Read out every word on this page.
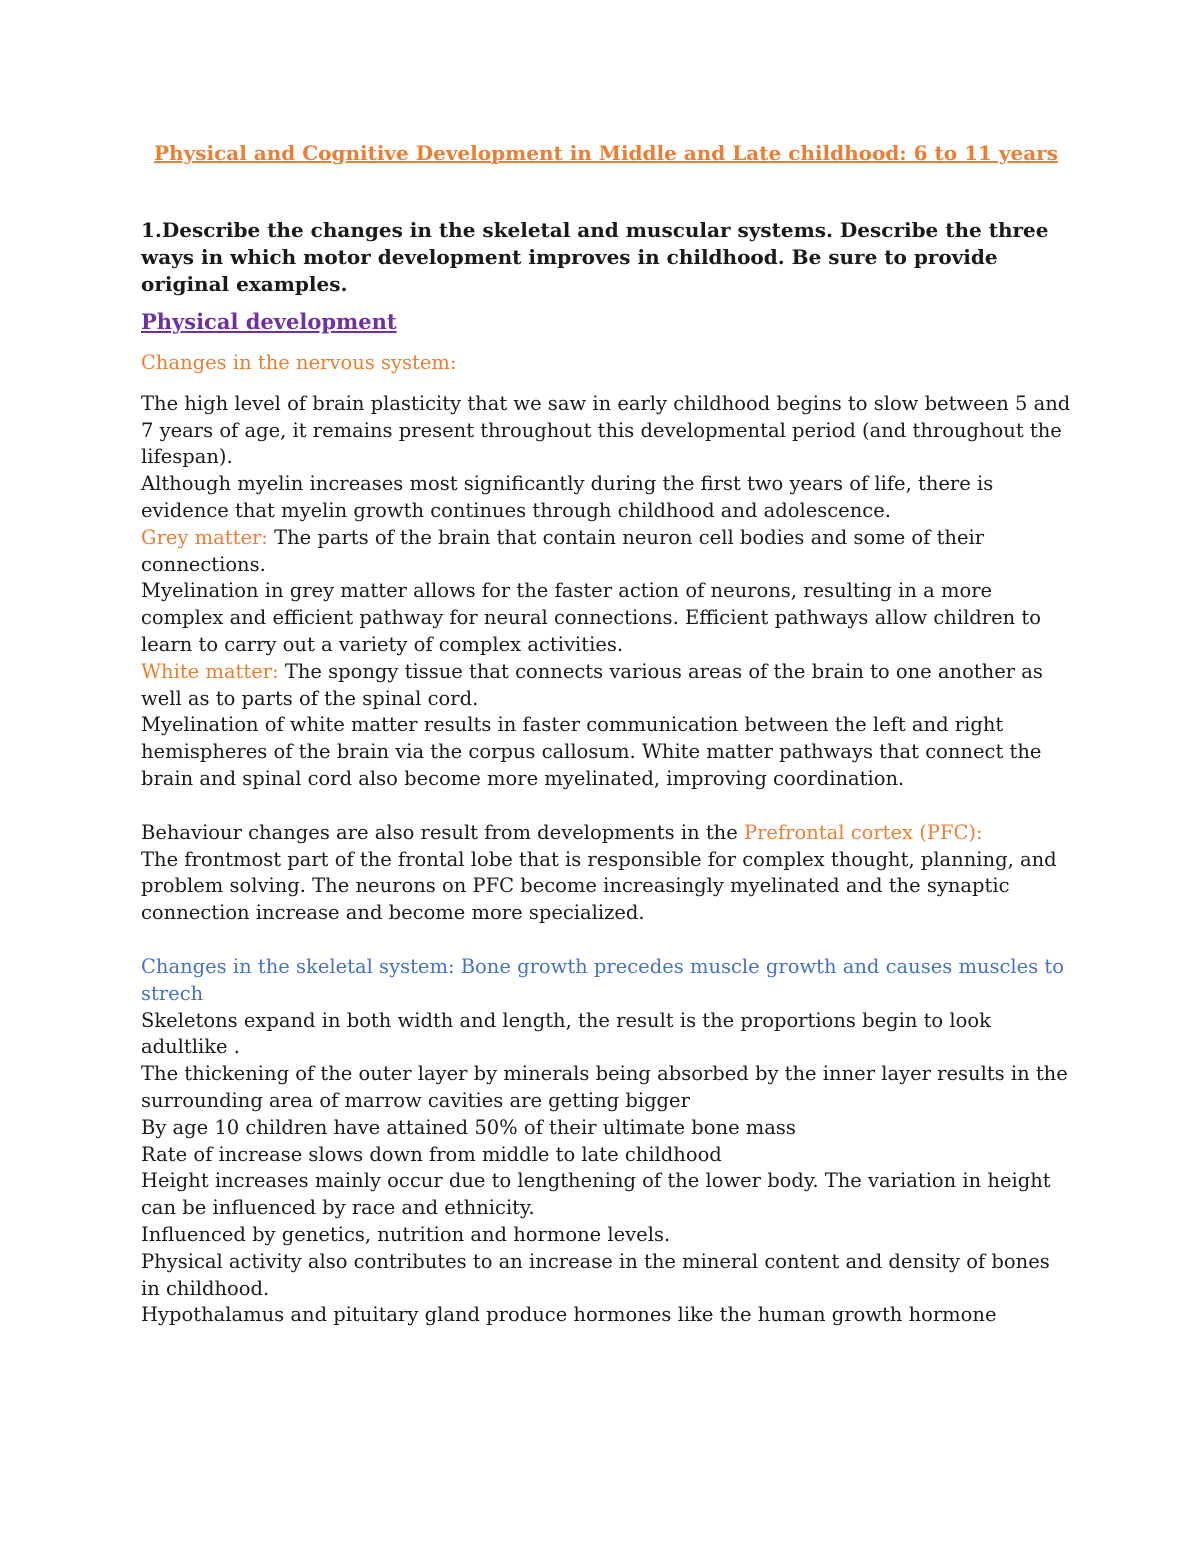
Physical and Cognitive Development in Middle and Late childhood: 6 to 11 years
1.Describe the changes in the skeletal and muscular systems. Describe the three ways in which motor development improves in childhood. Be sure to provide original examples.
Physical development
Changes in the nervous system:

The high level of brain plasticity that we saw in early childhood begins to slow between 5 and 7 years of age, it remains present throughout this developmental period (and throughout the lifespan).

Although myelin increases most significantly during the first two years of life, there is evidence that myelin growth continues through childhood and adolescence.

Grey matter: The parts of the brain that contain neuron cell bodies and some of their connections.

Myelination in grey matter allows for the faster action of neurons, resulting in a more complex and efficient pathway for neural connections. Efficient pathways allow children to learn to carry out a variety of complex activities.

White matter: The spongy tissue that connects various areas of the brain to one another as well as to parts of the spinal cord.

Myelination of white matter results in faster communication between the left and right hemispheres of the brain via the corpus callosum. White matter pathways that connect the brain and spinal cord also become more myelinated, improving coordination.

Behaviour changes are also result from developments in the Prefrontal cortex (PFC):
The frontmost part of the frontal lobe that is responsible for complex thought, planning, and problem solving. The neurons on PFC become increasingly myelinated and the synaptic connection increase and become more specialized.

Changes in the skeletal system: Bone growth precedes muscle growth and causes muscles to strech

Skeletons expand in both width and length, the result is the proportions begin to look adultlike .

The thickening of the outer layer by minerals being absorbed by the inner layer results in the surrounding area of marrow cavities are getting bigger

By age 10 children have attained 50% of their ultimate bone mass

Rate of increase slows down from middle to late childhood

Height increases mainly occur due to lengthening of the lower body. The variation in height can be influenced by race and ethnicity.

Influenced by genetics, nutrition and hormone levels.

Physical activity also contributes to an increase in the mineral content and density of bones in childhood.

Hypothalamus and pituitary gland produce hormones like the human growth hormone
